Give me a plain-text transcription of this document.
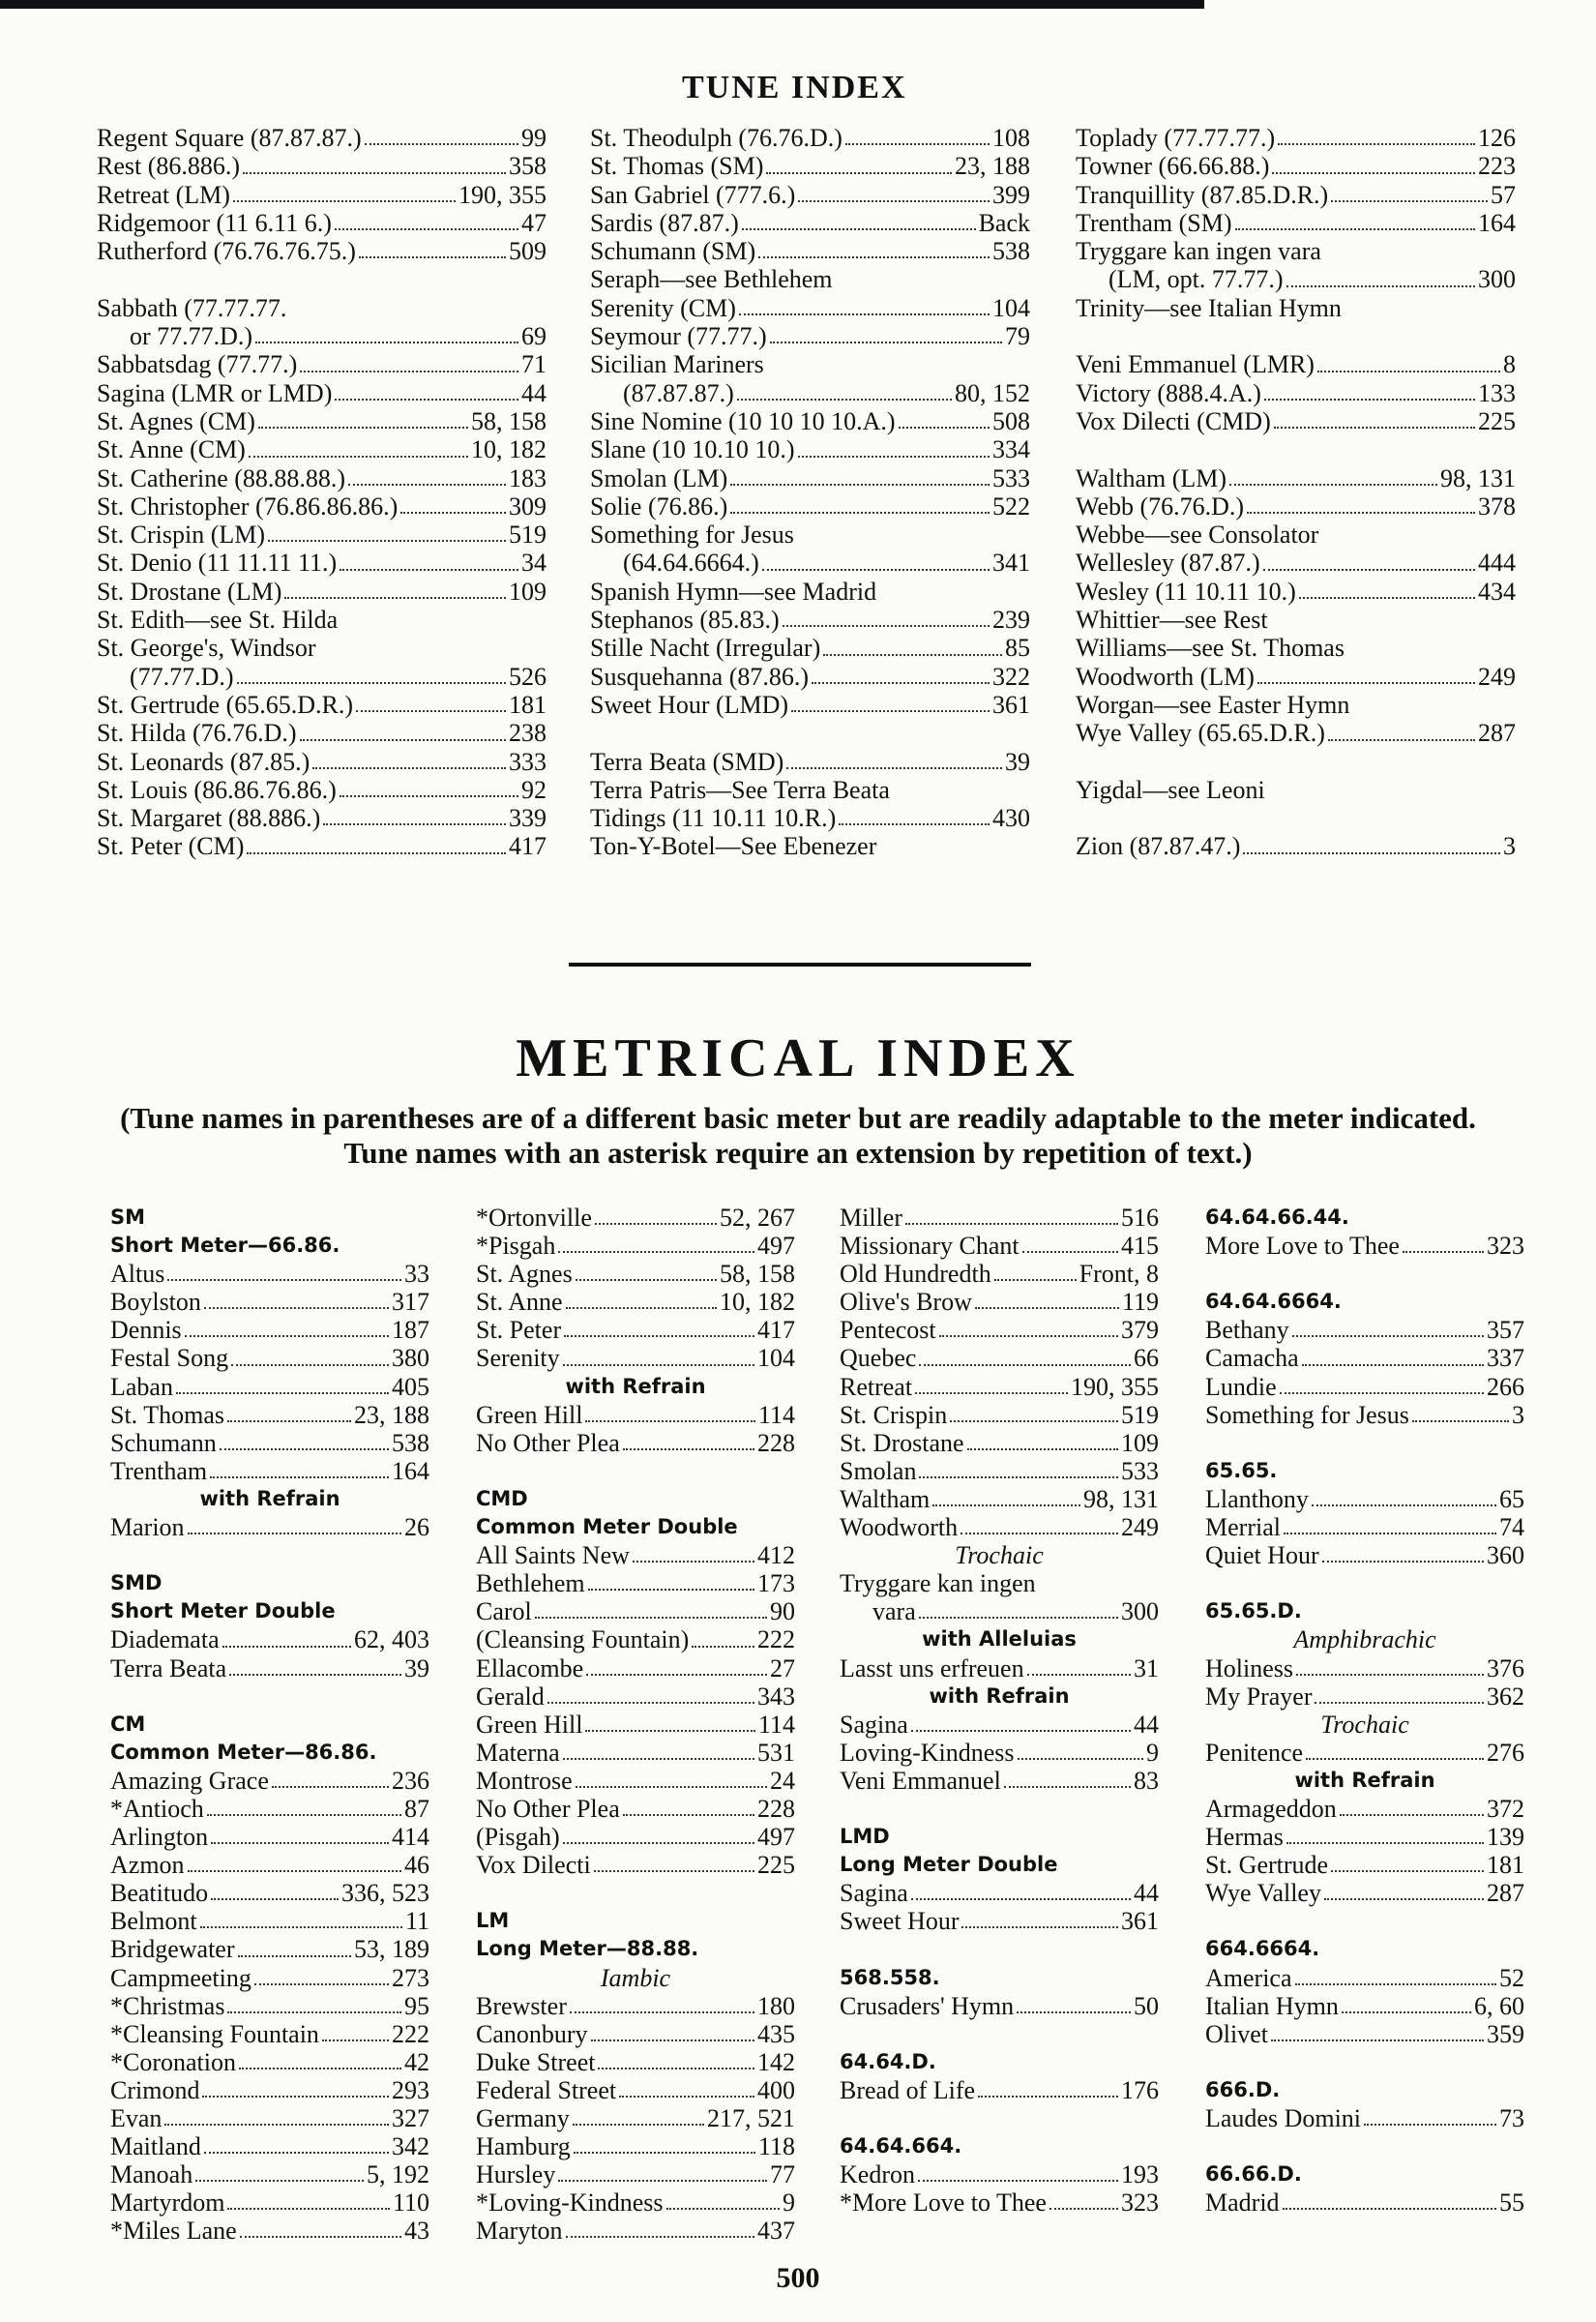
TUNE INDEX
Regent Square (87.87.87.)	99
Rest (86.886.)	358
Retreat (LM)	190, 355
Ridgemoor (11 6.11 6.)	47
Rutherford (76.76.76.75.)	509
Sabbath (77.77.77.
or 77.77.D.)	69
Sabbatsdag (77.77.)	71
Sagina (LMR or LMD)	44
St. Agnes (CM)	58, 158
St. Anne (CM)	10, 182
St. Catherine (88.88.88.)	183
St. Christopher (76.86.86.86.)	309
St. Crispin (LM)	519
St. Denio (11 11.11 11.)	34
St. Drostane (LM)	109
St. Edith—see St. Hilda
St. George's, Windsor
(77.77.D.)	526
St. Gertrude (65.65.D.R.)	181
St. Hilda (76.76.D.)	238
St. Leonards (87.85.)	333
St. Louis (86.86.76.86.)	92
St. Margaret (88.886.)	339
St. Peter (CM)	417
St. Theodulph (76.76.D.)	108
St. Thomas (SM)	23, 188
San Gabriel (777.6.)	399
Sardis (87.87.)	Back
Schumann (SM)	538
Seraph—see Bethlehem
Serenity (CM)	104
Seymour (77.77.)	79
Sicilian Mariners
(87.87.87.)	80, 152
Sine Nomine (10 10 10 10.A.)	508
Slane (10 10.10 10.)	334
Smolan (LM)	533
Solie (76.86.)	522
Something for Jesus
(64.64.6664.)	341
Spanish Hymn—see Madrid
Stephanos (85.83.)	239
Stille Nacht (Irregular)	85
Susquehanna (87.86.)	322
Sweet Hour (LMD)	361
Terra Beata (SMD)	39
Terra Patris—See Terra Beata
Tidings (11 10.11 10.R.)	430
Ton-Y-Botel—See Ebenezer
Toplady (77.77.77.)	126
Towner (66.66.88.)	223
Tranquillity (87.85.D.R.)	57
Trentham (SM)	164
Tryggare kan ingen vara
(LM, opt. 77.77.)	300
Trinity—see Italian Hymn
Veni Emmanuel (LMR)	8
Victory (888.4.A.)	133
Vox Dilecti (CMD)	225
Waltham (LM)	98, 131
Webb (76.76.D.)	378
Webbe—see Consolator
Wellesley (87.87.)	444
Wesley (11 10.11 10.)	434
Whittier—see Rest
Williams—see St. Thomas
Woodworth (LM)	249
Worgan—see Easter Hymn
Wye Valley (65.65.D.R.)	287
Yigdal—see Leoni
Zion (87.87.47.)	3
METRICAL INDEX
(Tune names in parentheses are of a different basic meter but are readily adaptable to the meter indicated. Tune names with an asterisk require an extension by repetition of text.)
SM
Short Meter—66.86.
Altus	33
Boylston	317
Dennis	187
Festal Song	380
Laban	405
St. Thomas	23, 188
Schumann	538
Trentham	164
with Refrain
Marion	26
SMD
Short Meter Double
Diademata	62, 403
Terra Beata	39
CM
Common Meter—86.86.
Amazing Grace	236
*Antioch	87
Arlington	414
Azmon	46
Beatitudo	336, 523
Belmont	11
Bridgewater	53, 189
Campmeeting	273
*Christmas	95
*Cleansing Fountain	222
*Coronation	42
Crimond	293
Evan	327
Maitland	342
Manoah	5, 192
Martyrdom	110
*Miles Lane	43
*Ortonville	52, 267
*Pisgah	497
St. Agnes	58, 158
St. Anne	10, 182
St. Peter	417
Serenity	104
with Refrain
Green Hill	114
No Other Plea	228
CMD
Common Meter Double
All Saints New	412
Bethlehem	173
Carol	90
(Cleansing Fountain)	222
Ellacombe	27
Gerald	343
Green Hill	114
Materna	531
Montrose	24
No Other Plea	228
(Pisgah)	497
Vox Dilecti	225
LM
Long Meter—88.88.
Iambic
Brewster	180
Canonbury	435
Duke Street	142
Federal Street	400
Germany	217, 521
Hamburg	118
Hursley	77
*Loving-Kindness	9
Maryton	437
Miller	516
Missionary Chant	415
Old Hundredth	Front, 8
Olive's Brow	119
Pentecost	379
Quebec	66
Retreat	190, 355
St. Crispin	519
St. Drostane	109
Smolan	533
Waltham	98, 131
Woodworth	249
Trochaic
Tryggare kan ingen
vara	300
with Alleluias
Lasst uns erfreuen	31
with Refrain
Sagina	44
Loving-Kindness	9
Veni Emmanuel	83
LMD
Long Meter Double
Sagina	44
Sweet Hour	361
568.558.
Crusaders' Hymn	50
64.64.D.
Bread of Life	176
64.64.664.
Kedron	193
*More Love to Thee	323
64.64.66.44.
More Love to Thee	323
64.64.6664.
Bethany	357
Camacha	337
Lundie	266
Something for Jesus	3
65.65.
Llanthony	65
Merrial	74
Quiet Hour	360
65.65.D.
Amphibrachic
Holiness	376
My Prayer	362
Trochaic
Penitence	276
with Refrain
Armageddon	372
Hermas	139
St. Gertrude	181
Wye Valley	287
664.6664.
America	52
Italian Hymn	6, 60
Olivet	359
666.D.
Laudes Domini	73
66.66.D.
Madrid	55
500
